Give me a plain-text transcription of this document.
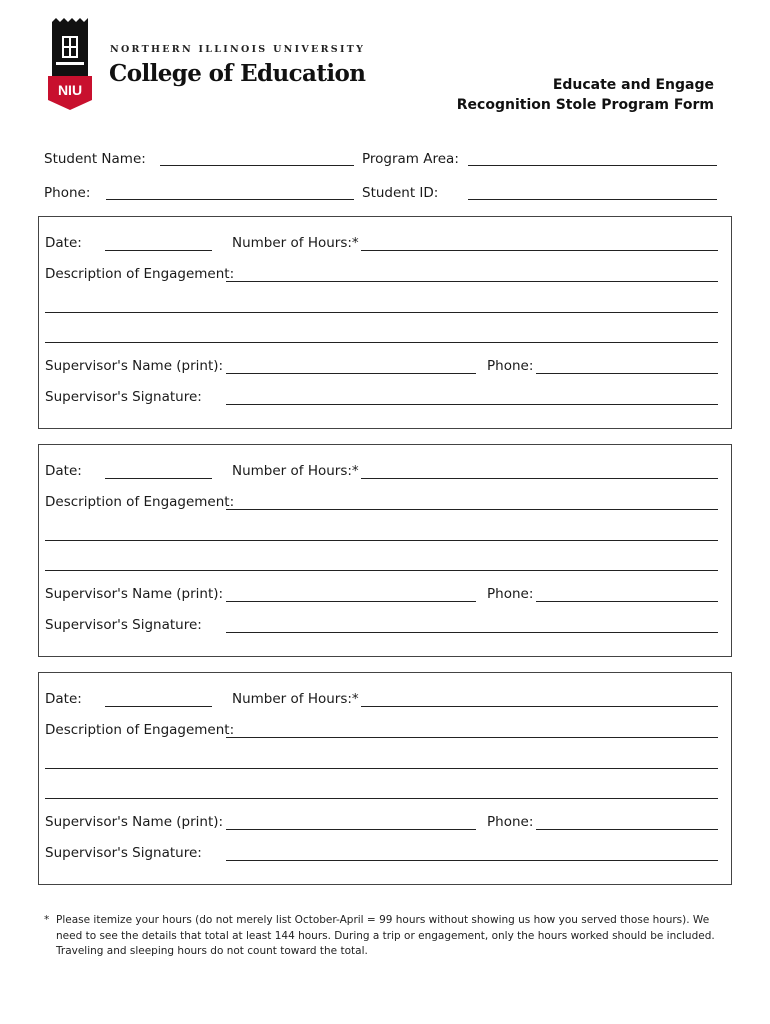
NIU
NORTHERN ILLINOIS UNIVERSITY
College of Education	Educate and Engage
Recognition Stole Program Form
Student Name:	Program Area:
Phone:	Student ID:
Date:	Number of Hours:*
Description of Engagement:
Supervisor's Name (print):	Phone:
Supervisor's Signature:
Date:	Number of Hours:*
Description of Engagement:
Supervisor's Name (print):	Phone:
Supervisor's Signature:
Date:	Number of Hours:*
Description of Engagement:
Supervisor's Name (print):	Phone:
Supervisor's Signature:
* Please itemize your hours (do not merely list October-April = 99 hours without showing us how you served those hours). We need to see the details that total at least 144 hours. During a trip or engagement, only the hours worked should be included. Traveling and sleeping hours do not count toward the total.
